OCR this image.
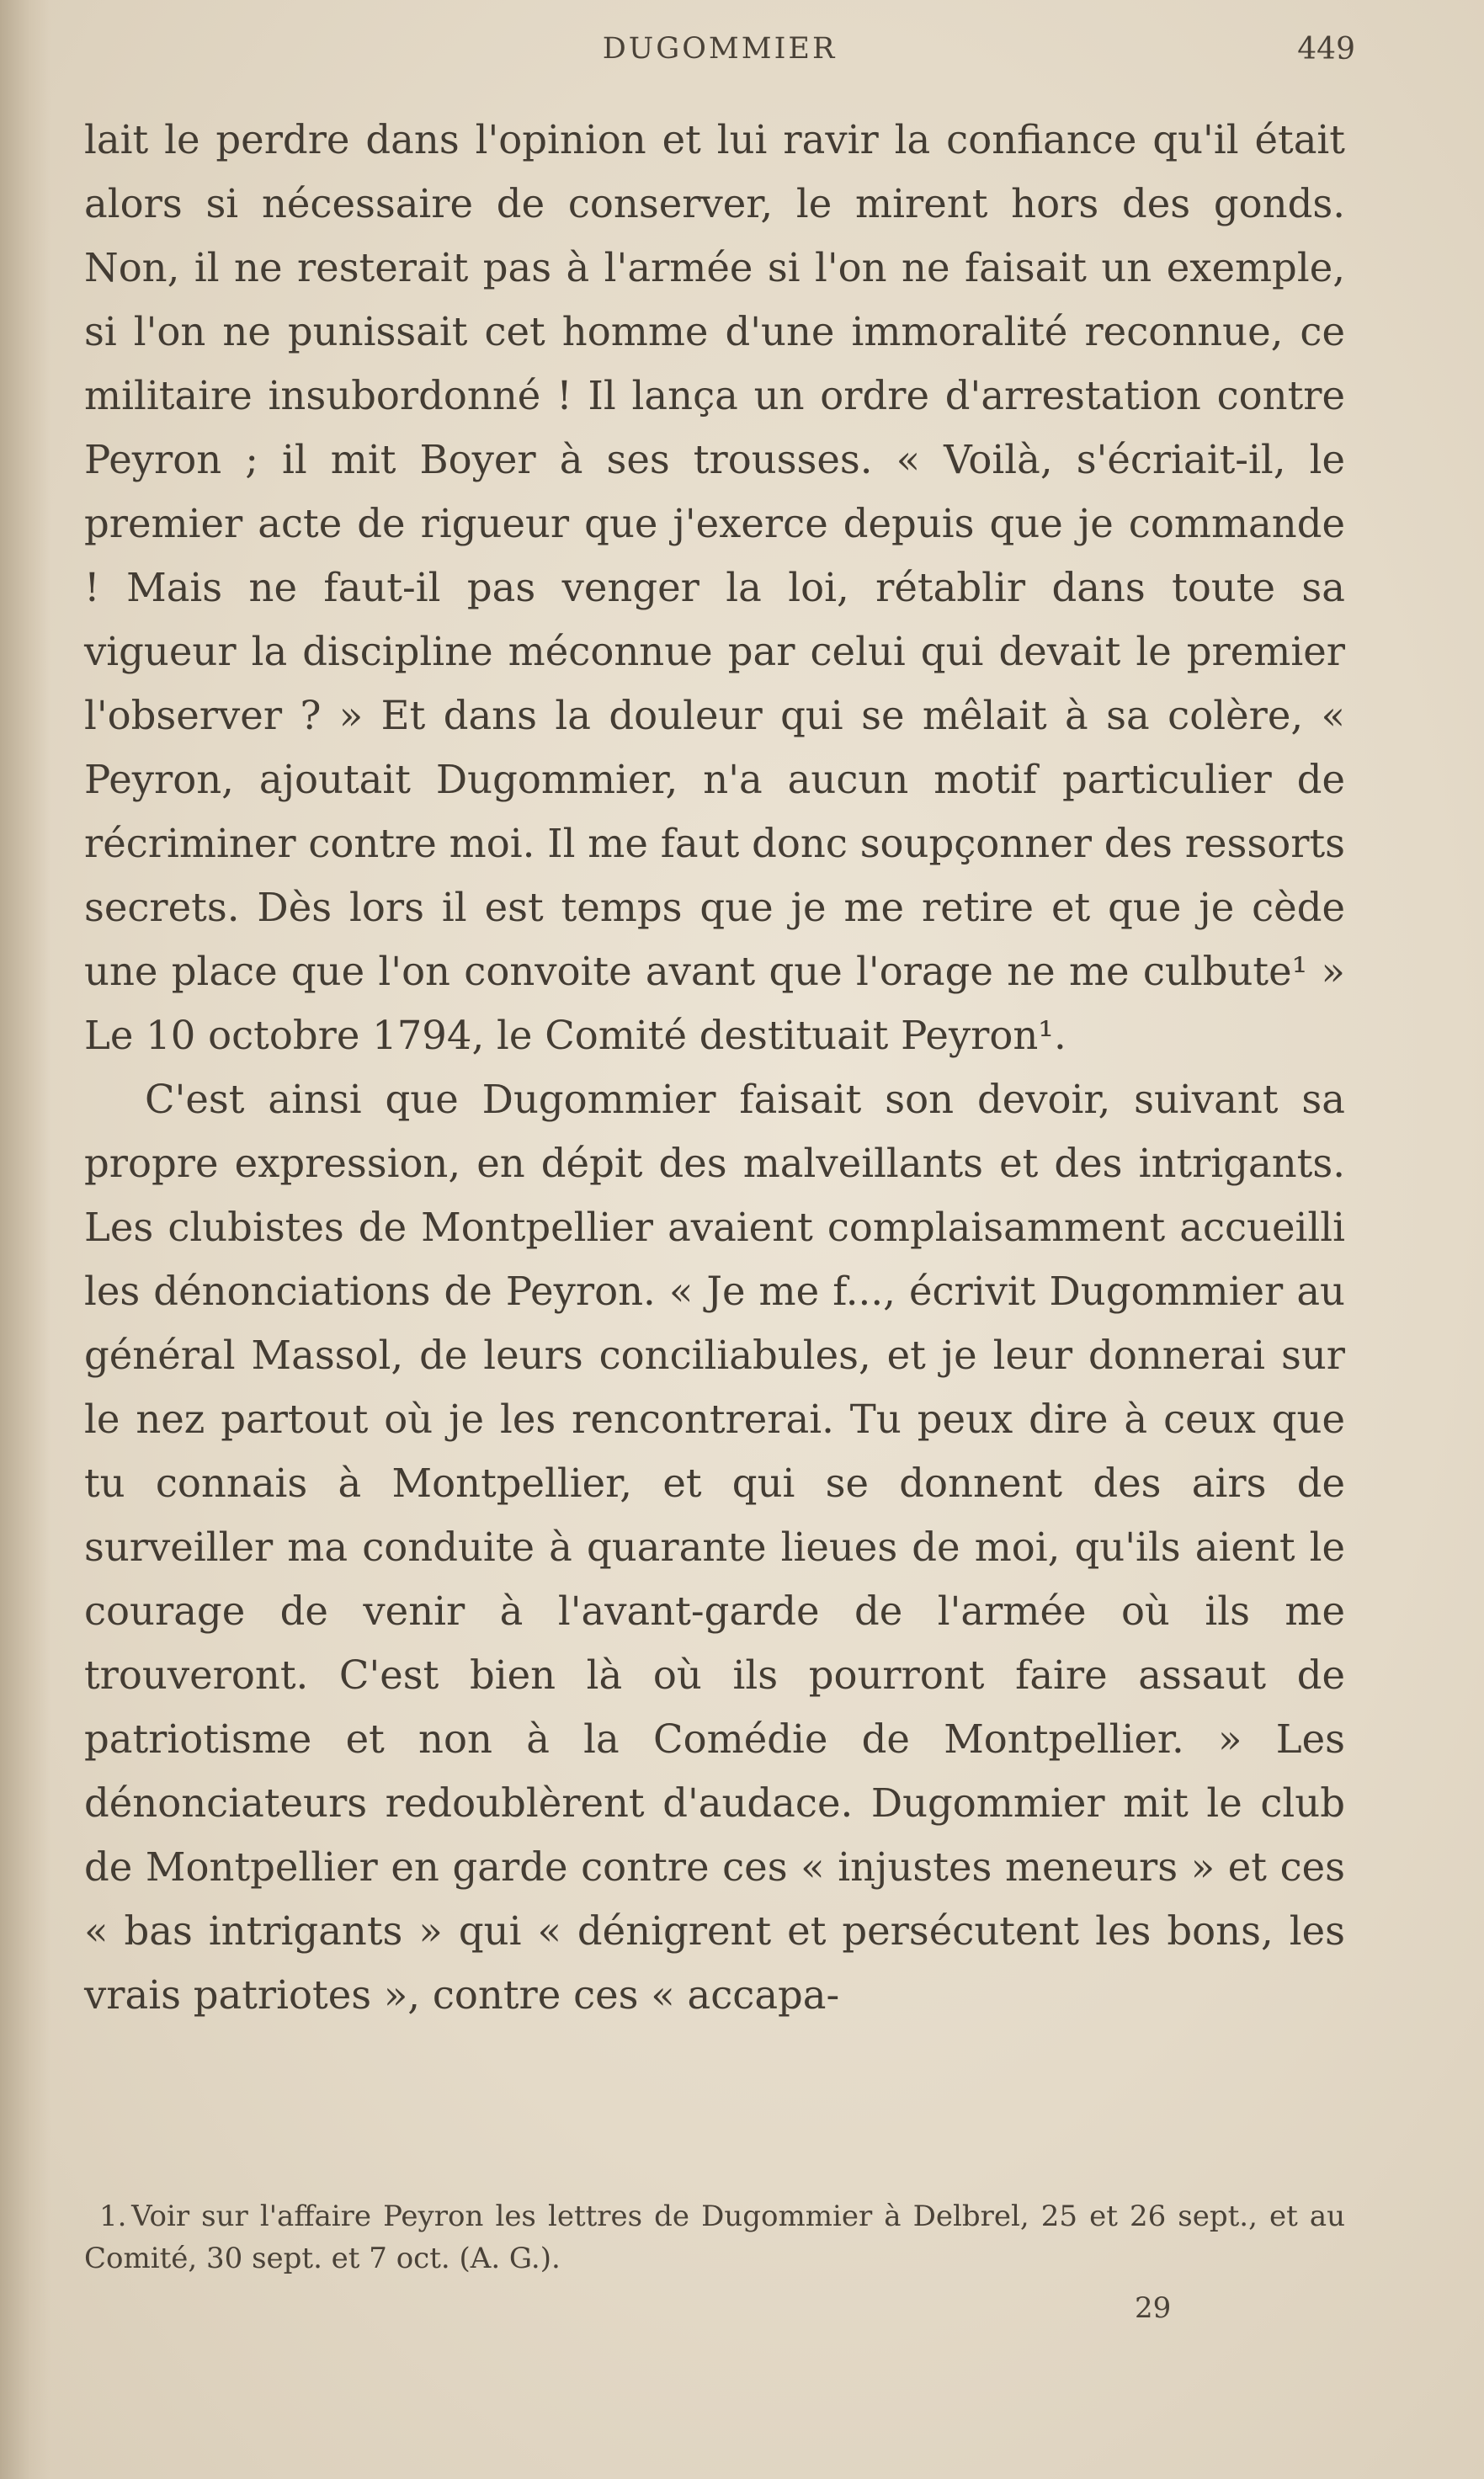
DUGOMMIER	449

lait le perdre dans l'opinion et lui ravir la confiance qu'il était alors si nécessaire de conserver, le mirent hors des gonds. Non, il ne resterait pas à l'armée si l'on ne faisait un exemple, si l'on ne punissait cet homme d'une immoralité reconnue, ce militaire insubordonné ! Il lança un ordre d'arrestation contre Peyron ; il mit Boyer à ses trousses. « Voilà, s'écriait-il, le premier acte de rigueur que j'exerce depuis que je commande ! Mais ne faut-il pas venger la loi, rétablir dans toute sa vigueur la discipline méconnue par celui qui devait le premier l'observer ? » Et dans la douleur qui se mêlait à sa colère, « Peyron, ajoutait Dugommier, n'a aucun motif particulier de récriminer contre moi. Il me faut donc soupçonner des ressorts secrets. Dès lors il est temps que je me retire et que je cède une place que l'on convoite avant que l'orage ne me culbute¹ » Le 10 octobre 1794, le Comité destituait Peyron¹.

C'est ainsi que Dugommier faisait son devoir, suivant sa propre expression, en dépit des malveillants et des intrigants. Les clubistes de Montpellier avaient complaisamment accueilli les dénonciations de Peyron. « Je me f..., écrivit Dugommier au général Massol, de leurs conciliabules, et je leur donnerai sur le nez partout où je les rencontrerai. Tu peux dire à ceux que tu connais à Montpellier, et qui se donnent des airs de surveiller ma conduite à quarante lieues de moi, qu'ils aient le courage de venir à l'avant-garde de l'armée où ils me trouveront. C'est bien là où ils pourront faire assaut de patriotisme et non à la Comédie de Montpellier. » Les dénonciateurs redoublèrent d'audace. Dugommier mit le club de Montpellier en garde contre ces « injustes meneurs » et ces « bas intrigants » qui « dénigrent et persécutent les bons, les vrais patriotes », contre ces « accapa-

1. Voir sur l'affaire Peyron les lettres de Dugommier à Delbrel, 25 et 26 sept., et au Comité, 30 sept. et 7 oct. (A. G.).
29
